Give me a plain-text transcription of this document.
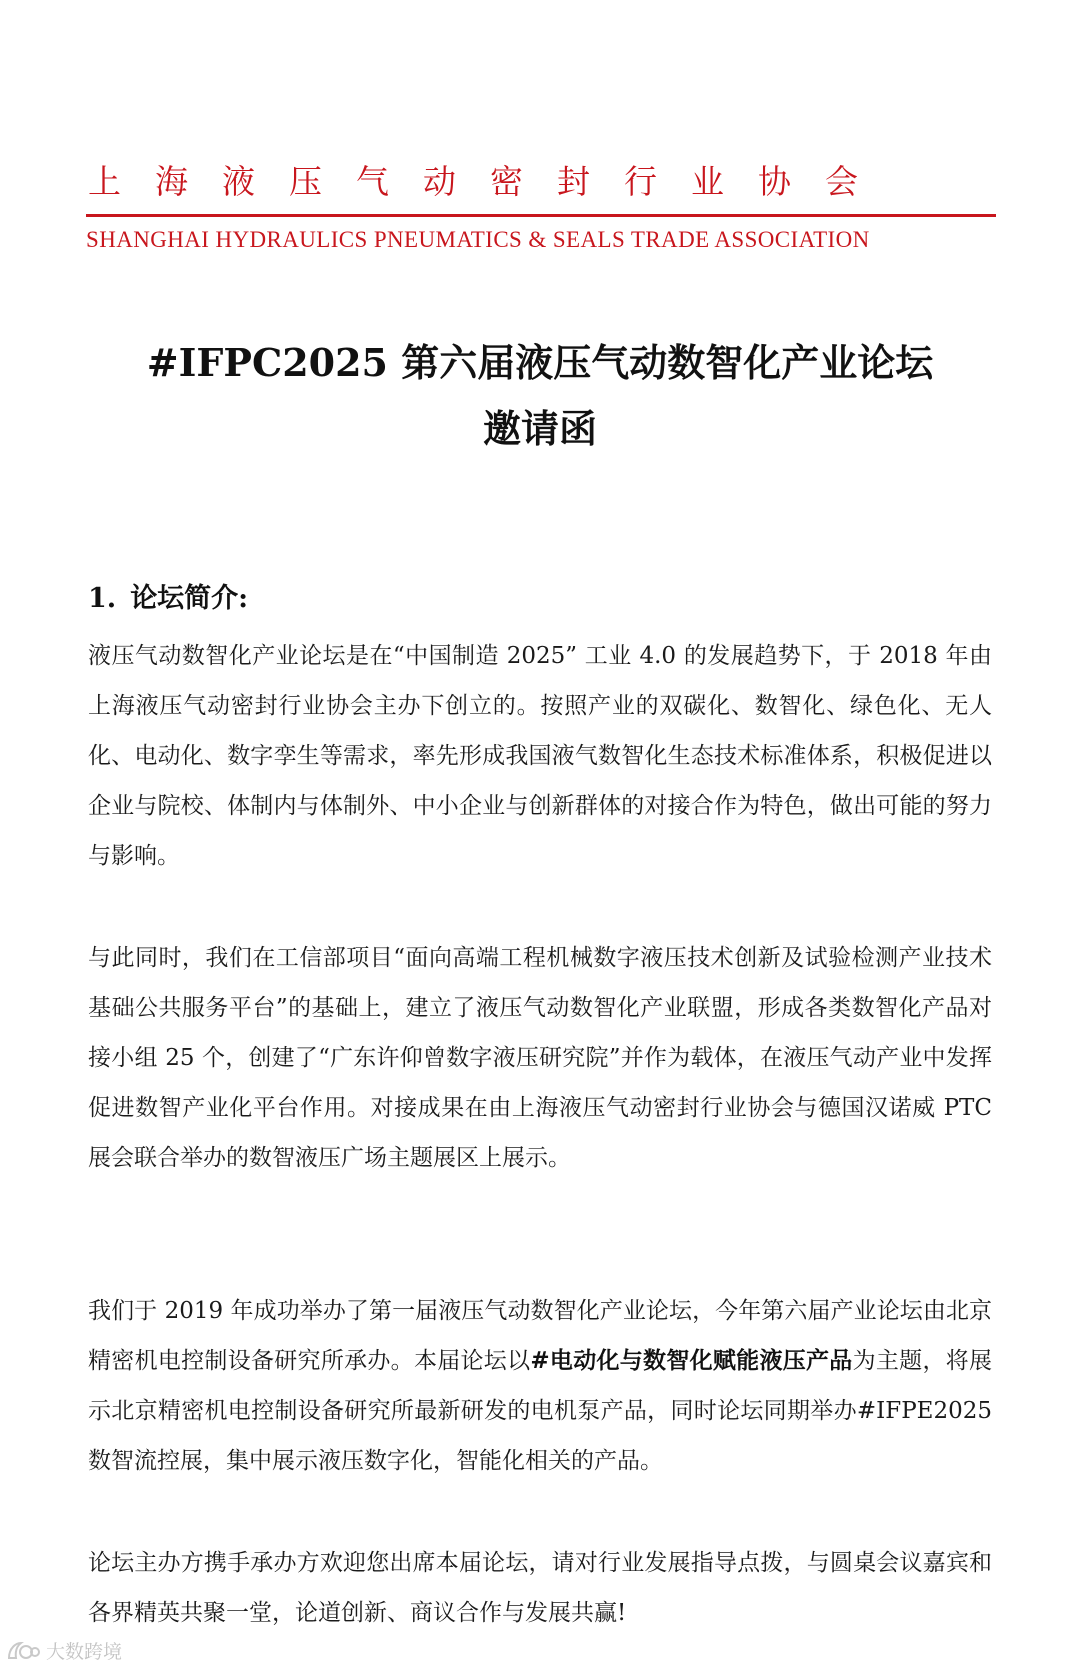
上海液压气动密封行业协会
SHANGHAI HYDRAULICS PNEUMATICS & SEALS TRADE ASSOCIATION
#IFPC2025 第六届液压气动数智化产业论坛
邀请函
1. 论坛简介:
液压气动数智化产业论坛是在“中国制造 2025” 工业 4.0 的发展趋势下，于 2018 年由上海液压气动密封行业协会主办下创立的。按照产业的双碳化、数智化、绿色化、无人化、电动化、数字孪生等需求，率先形成我国液气数智化生态技术标准体系，积极促进以企业与院校、体制内与体制外、中小企业与创新群体的对接合作为特色，做出可能的努力与影响。
与此同时，我们在工信部项目“面向高端工程机械数字液压技术创新及试验检测产业技术基础公共服务平台”的基础上，建立了液压气动数智化产业联盟，形成各类数智化产品对接小组 25 个，创建了“广东许仰曾数字液压研究院”并作为载体，在液压气动产业中发挥促进数智产业化平台作用。对接成果在由上海液压气动密封行业协会与德国汉诺威 PTC 展会联合举办的数智液压广场主题展区上展示。
我们于 2019 年成功举办了第一届液压气动数智化产业论坛，今年第六届产业论坛由北京精密机电控制设备研究所承办。本届论坛以#电动化与数智化赋能液压产品为主题，将展示北京精密机电控制设备研究所最新研发的电机泵产品，同时论坛同期举办#IFPE2025 数智流控展，集中展示液压数字化，智能化相关的产品。
论坛主办方携手承办方欢迎您出席本届论坛，请对行业发展指导点拨，与圆桌会议嘉宾和各界精英共聚一堂，论道创新、商议合作与发展共赢!
大数跨境
